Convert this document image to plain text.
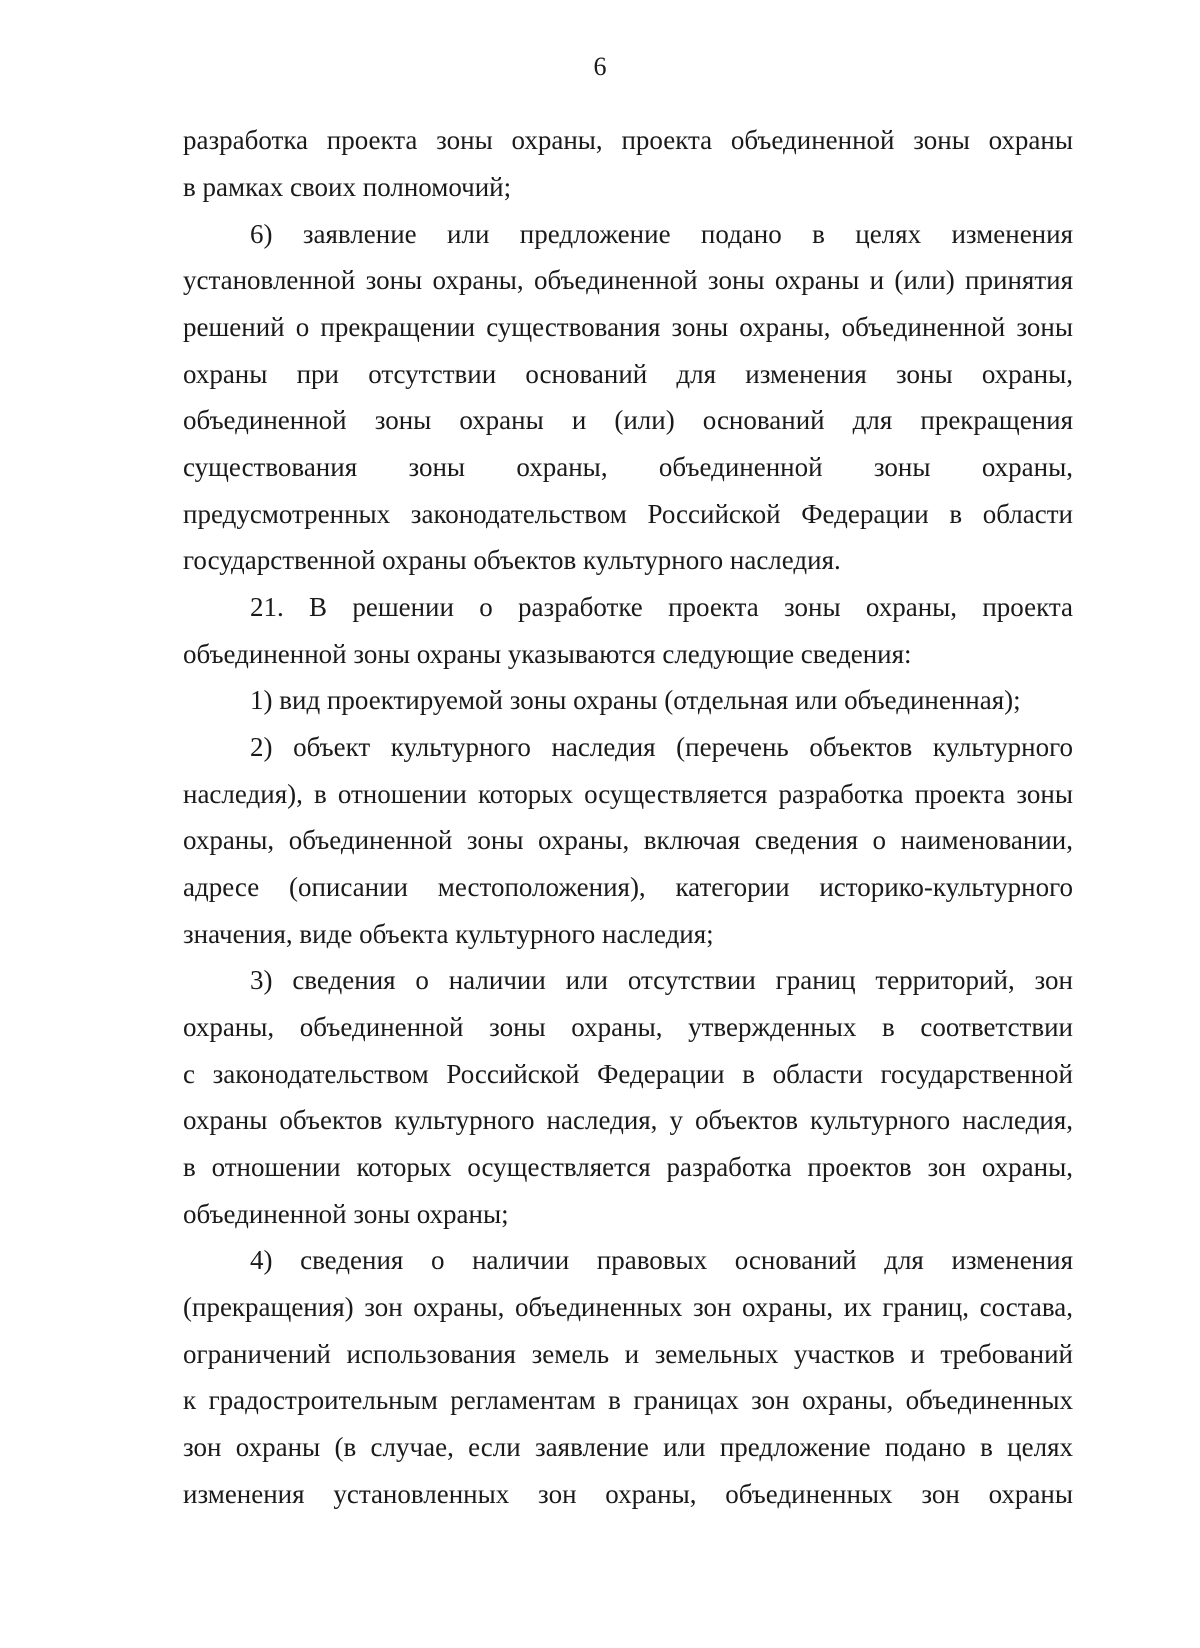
6
разработка проекта зоны охраны, проекта объединенной зоны охраны
в рамках своих полномочий;
6) заявление или предложение подано в целях изменения
установленной зоны охраны, объединенной зоны охраны и (или) принятия
решений о прекращении существования зоны охраны, объединенной зоны
охраны при отсутствии оснований для изменения зоны охраны,
объединенной зоны охраны и (или) оснований для прекращения
существования зоны охраны, объединенной зоны охраны,
предусмотренных законодательством Российской Федерации в области
государственной охраны объектов культурного наследия.
21. В решении о разработке проекта зоны охраны, проекта
объединенной зоны охраны указываются следующие сведения:
1) вид проектируемой зоны охраны (отдельная или объединенная);
2) объект культурного наследия (перечень объектов культурного
наследия), в отношении которых осуществляется разработка проекта зоны
охраны, объединенной зоны охраны, включая сведения о наименовании,
адресе (описании местоположения), категории историко-культурного
значения, виде объекта культурного наследия;
3) сведения о наличии или отсутствии границ территорий, зон
охраны, объединенной зоны охраны, утвержденных в соответствии
с законодательством Российской Федерации в области государственной
охраны объектов культурного наследия, у объектов культурного наследия,
в отношении которых осуществляется разработка проектов зон охраны,
объединенной зоны охраны;
4) сведения о наличии правовых оснований для изменения
(прекращения) зон охраны, объединенных зон охраны, их границ, состава,
ограничений использования земель и земельных участков и требований
к градостроительным регламентам в границах зон охраны, объединенных
зон охраны (в случае, если заявление или предложение подано в целях
изменения установленных зон охраны, объединенных зон охраны
